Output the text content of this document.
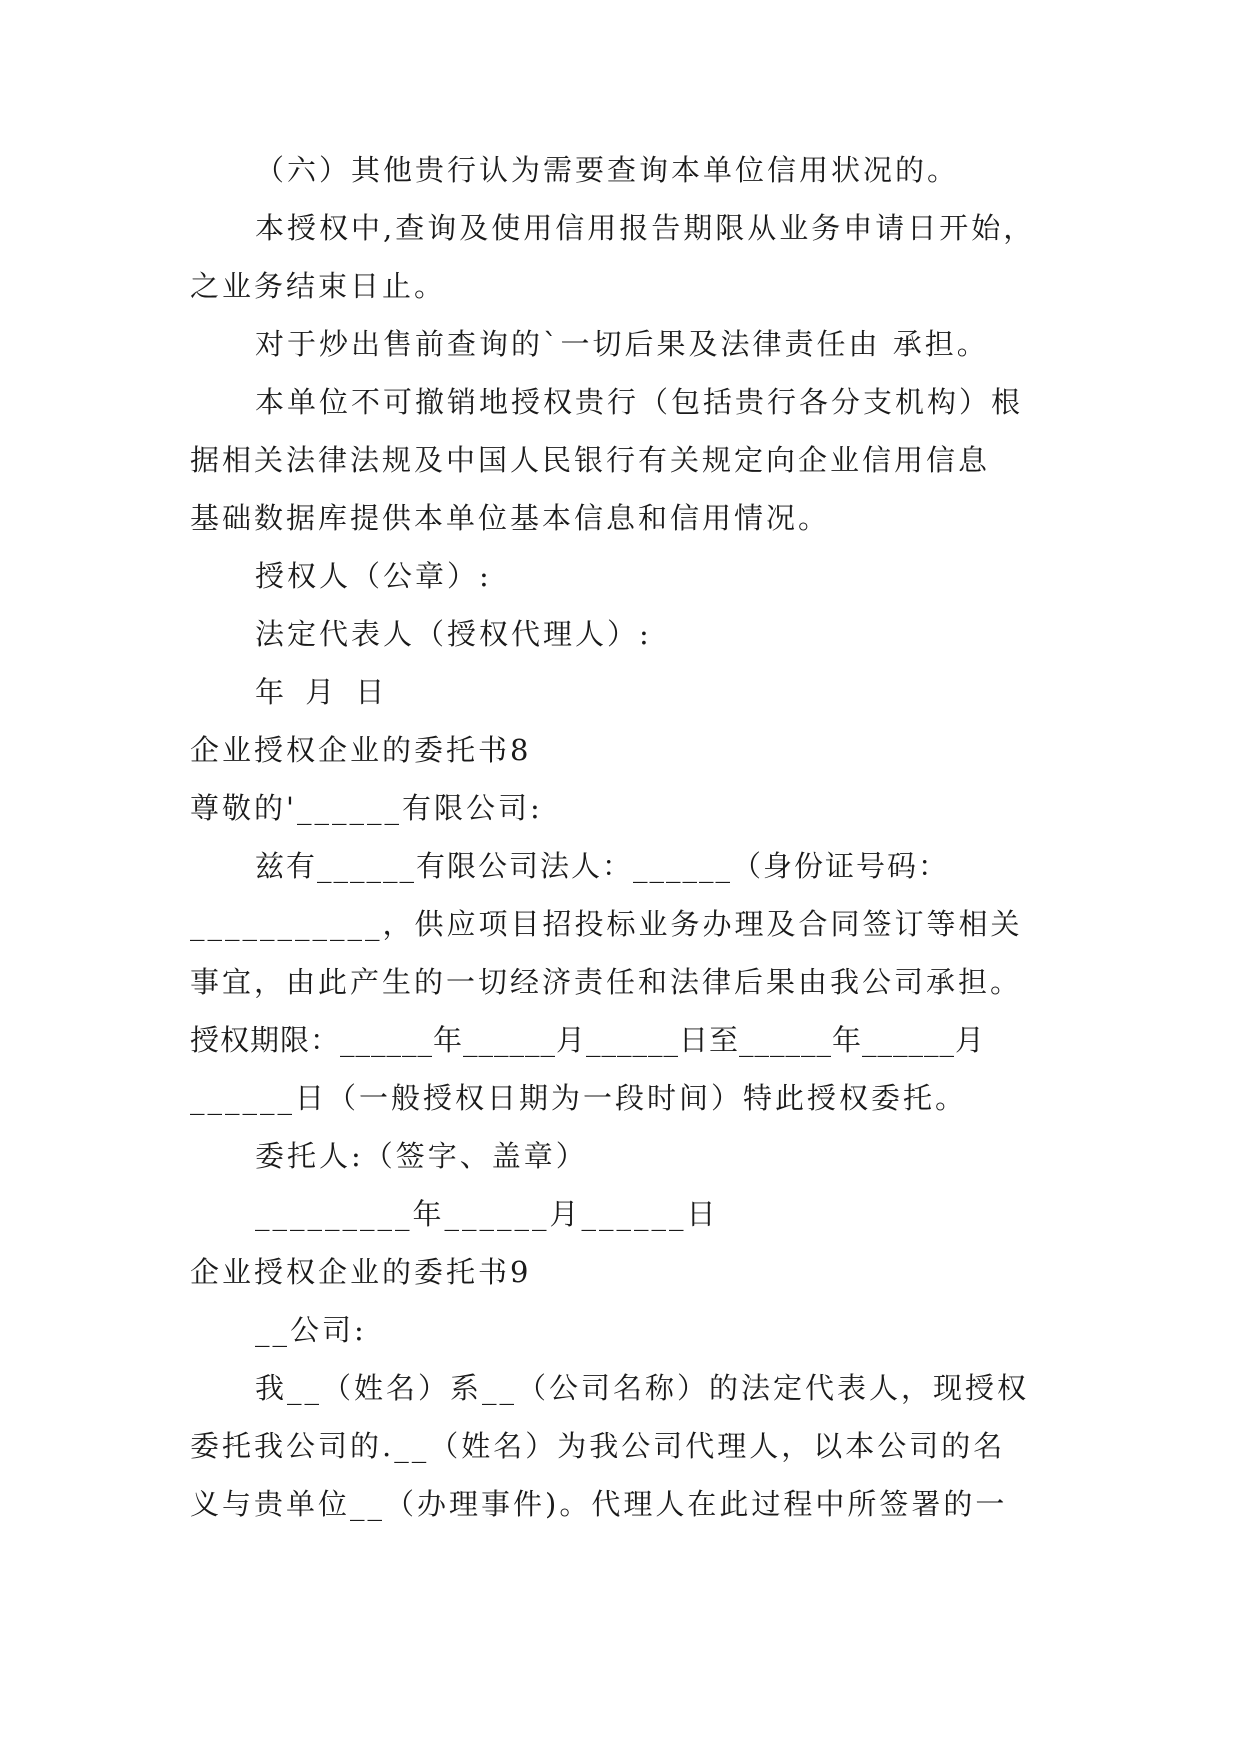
（六）其他贵行认为需要查询本单位信用状况的。
本授权中,查询及使用信用报告期限从业务申请日开始，
之业务结束日止。
对于炒出售前查询的`一切后果及法律责任由 承担。
本单位不可撤销地授权贵行（包括贵行各分支机构）根
据相关法律法规及中国人民银行有关规定向企业信用信息
基础数据库提供本单位基本信息和信用情况。
授权人（公章）:
法定代表人（授权代理人）:
年 月 日
企业授权企业的委托书8
尊敬的'______有限公司:
兹有______有限公司法人：______（身份证号码：
___________，供应项目招投标业务办理及合同签订等相关
事宜，由此产生的一切经济责任和法律后果由我公司承担。
授权期限：______年______月______日至______年______月
______日（一般授权日期为一段时间）特此授权委托。
委托人:（签字、盖章）
_________年______月______日
企业授权企业的委托书9
__公司:
我__（姓名）系__（公司名称）的法定代表人，现授权
委托我公司的.__（姓名）为我公司代理人，以本公司的名
义与贵单位__（办理事件)。代理人在此过程中所签署的一
